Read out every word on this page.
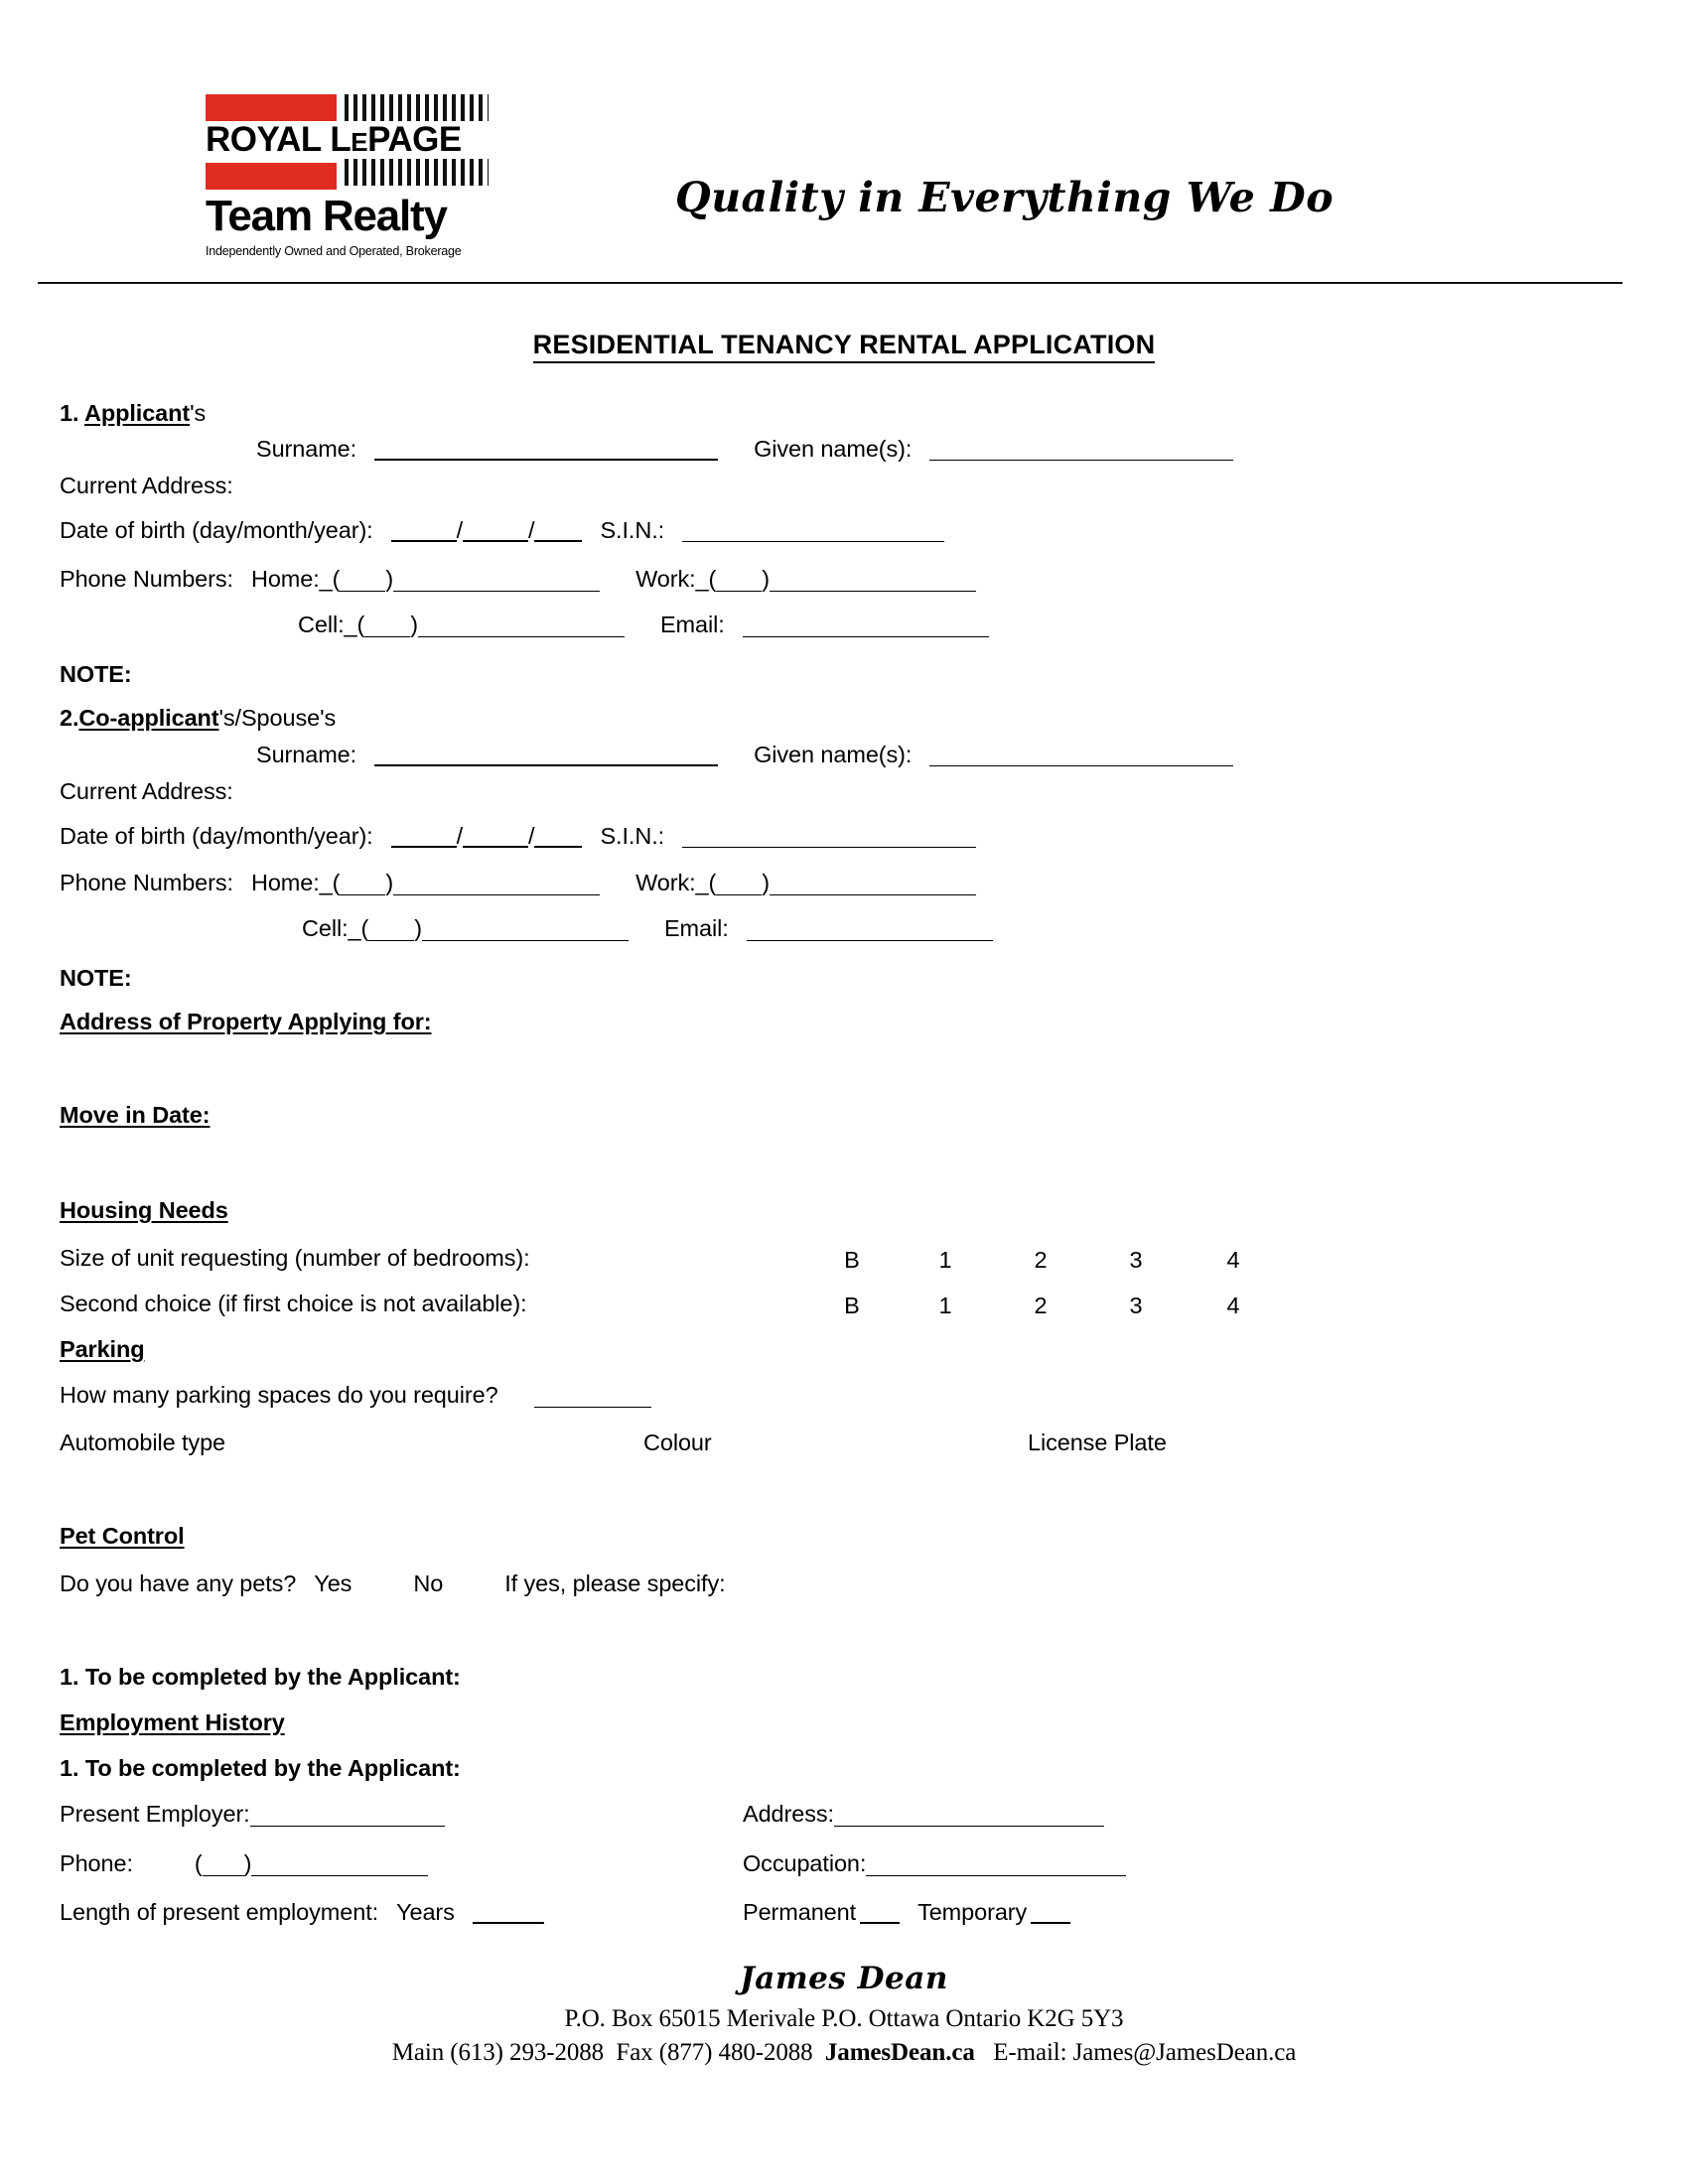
ROYAL LEPAGE
Team Realty
Independently Owned and Operated, Brokerage
Quality in Everything We Do
RESIDENTIAL TENANCY RENTAL APPLICATION
1. Applicant's
Surname:	Given name(s):
Current Address:
Date of birth (day/month/year):	/	/	S.I.N.:
Phone Numbers: Home:_( )	Work:_( )
Cell:_( )	Email:
NOTE:
2.Co-applicant's/Spouse's
Surname:	Given name(s):
Current Address:
Date of birth (day/month/year):	/	/	S.I.N.:
Phone Numbers: Home:_( )	Work:_( )
Cell:_( )	Email:
NOTE:
Address of Property Applying for:
Move in Date:
Housing Needs
Size of unit requesting (number of bedrooms):	B	1	2	3	4
Second choice (if first choice is not available):	B	1	2	3	4
Parking
How many parking spaces do you require?
Automobile type	Colour	License Plate
Pet Control
Do you have any pets? Yes	No	If yes, please specify:
1. To be completed by the Applicant:
Employment History
1. To be completed by the Applicant:
Present Employer:	Address:
Phone:	( )	Occupation:
Length of present employment: Years	Permanent	Temporary
James Dean
P.O. Box 65015 Merivale P.O. Ottawa Ontario K2G 5Y3
Main (613) 293-2088 Fax (877) 480-2088 JamesDean.ca E-mail: James@JamesDean.ca
